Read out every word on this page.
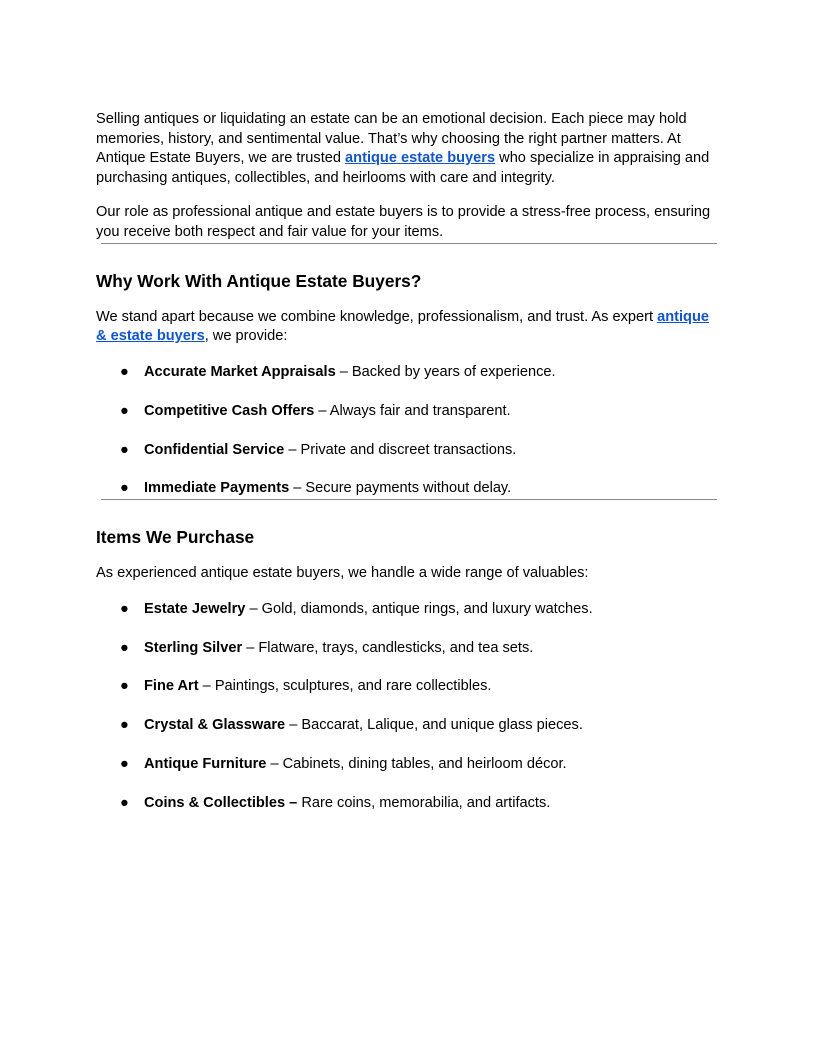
Selling antiques or liquidating an estate can be an emotional decision. Each piece may hold memories, history, and sentimental value. That’s why choosing the right partner matters. At Antique Estate Buyers, we are trusted antique estate buyers who specialize in appraising and purchasing antiques, collectibles, and heirlooms with care and integrity.

Our role as professional antique and estate buyers is to provide a stress-free process, ensuring you receive both respect and fair value for your items.

Why Work With Antique Estate Buyers?

We stand apart because we combine knowledge, professionalism, and trust. As expert antique & estate buyers, we provide:

● Accurate Market Appraisals – Backed by years of experience.
● Competitive Cash Offers – Always fair and transparent.
● Confidential Service – Private and discreet transactions.
● Immediate Payments – Secure payments without delay.
Items We Purchase

As experienced antique estate buyers, we handle a wide range of valuables:

● Estate Jewelry – Gold, diamonds, antique rings, and luxury watches.
● Sterling Silver – Flatware, trays, candlesticks, and tea sets.
● Fine Art – Paintings, sculptures, and rare collectibles.
● Crystal & Glassware – Baccarat, Lalique, and unique glass pieces.
● Antique Furniture – Cabinets, dining tables, and heirloom décor.
● Coins & Collectibles – Rare coins, memorabilia, and artifacts.
